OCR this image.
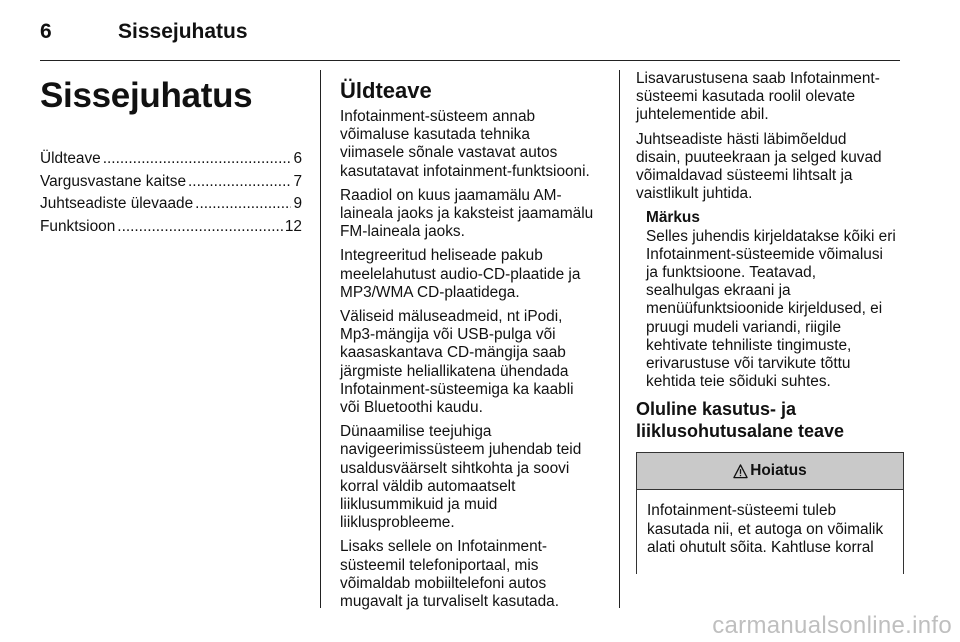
6	Sissejuhatus
Sissejuhatus
Üldteave .....	6
Vargusvastane kaitse .....	7
Juhtseadiste ülevaade .....	9
Funktsioon .....	12
Üldteave

Infotainment-süsteem annab
võimaluse kasutada tehnika
viimasele sõnale vastavat autos
kasutatavat infotainment-funktsiooni.

Raadiol on kuus jaamamälu AM-
laineala jaoks ja kaksteist jaamamälu
FM-laineala jaoks.

Integreeritud heliseade pakub
meelelahutust audio-CD-plaatide ja
MP3/WMA CD-plaatidega.

Väliseid mäluseadmeid, nt iPodi,
Mp3-mängija või USB-pulga või
kaasaskantava CD-mängija saab
järgmiste heliallikatena ühendada
Infotainment-süsteemiga ka kaabli
või Bluetoothi kaudu.

Dünaamilise teejuhiga
navigeerimissüsteem juhendab teid
usaldusväärselt sihtkohta ja soovi
korral väldib automaatselt
liiklusummikuid ja muid
liiklusprobleeme.

Lisaks sellele on Infotainment-
süsteemil telefoniportaal, mis
võimaldab mobiiltelefoni autos
mugavalt ja turvaliselt kasutada.

Lisavarustusena saab Infotainment-
süsteemi kasutada roolil olevate
juhtelementide abil.

Juhtseadiste hästi läbimõeldud
disain, puuteekraan ja selged kuvad
võimaldavad süsteemi lihtsalt ja
vaistlikult juhtida.

Märkus
Selles juhendis kirjeldatakse kõiki eri
Infotainment-süsteemide võimalusi
ja funktsioone. Teatavad,
sealhulgas ekraani ja
menüüfunktsioonide kirjeldused, ei
pruugi mudeli variandi, riigile
kehtivate tehniliste tingimuste,
erivarustuse või tarvikute tõttu
kehtida teie sõiduki suhtes.
Oluline kasutus- ja
liiklusohutusalane teave
Hoiatus
Infotainment-süsteemi tuleb
kasutada nii, et autoga on võimalik
alati ohutult sõita. Kahtluse korral
carmanualsonline.info
